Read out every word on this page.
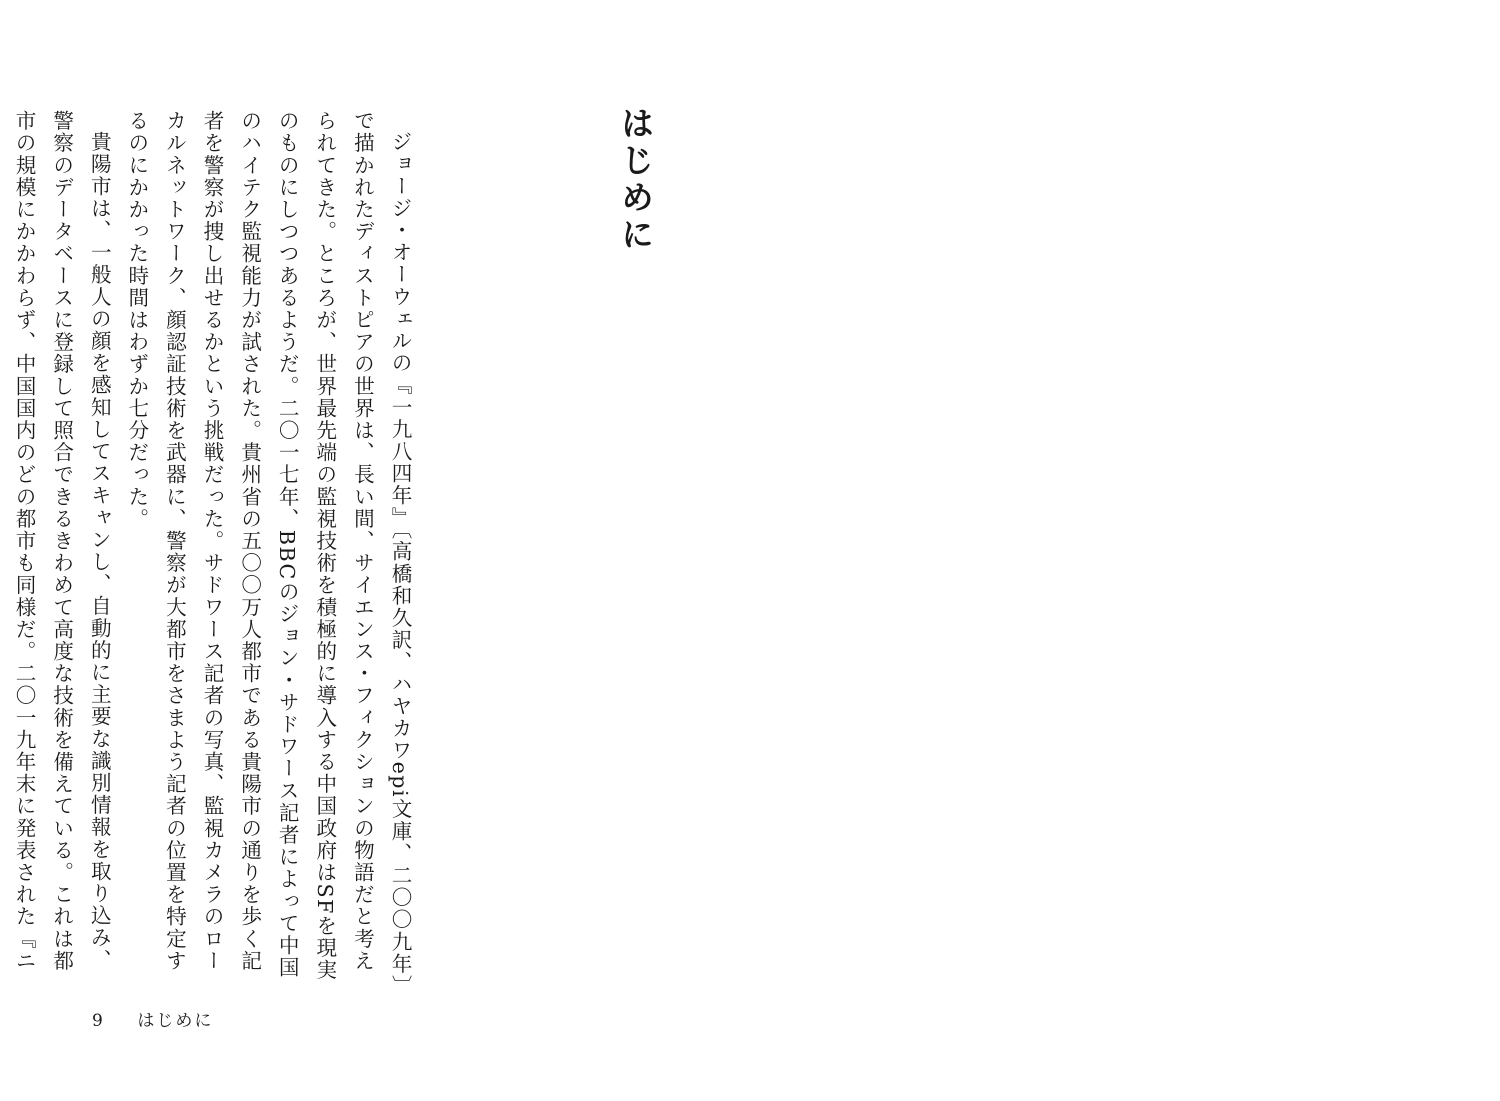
はじめに

ジョージ・オーウェルの『一九八四年』〔高橋和久訳、ハヤカワepi文庫、二〇〇九年〕で描かれたディストピアの世界は、長い間、サイエンス・フィクションの物語だと考えられてきた。ところが、世界最先端の監視技術を積極的に導入する中国政府はSFを現実のものにしつつあるようだ。二〇一七年、BBCのジョン・サドワース記者によって中国のハイテク監視能力が試された。貴州省の五〇〇万人都市である貴陽市の通りを歩く記者を警察が捜し出せるかという挑戦だった。サドワース記者の写真、監視カメラのローカルネットワーク、顔認証技術を武器に、警察が大都市をさまよう記者の位置を特定するのにかかった時間はわずか七分だった。

貴陽市は、一般人の顔を感知してスキャンし、自動的に主要な識別情報を取り込み、警察のデータベースに登録して照合できるきわめて高度な技術を備えている。これは都市の規模にかかわらず、中国国内のどの都市も同様だ。二〇一九年末に発表された『ニ

9 はじめに
